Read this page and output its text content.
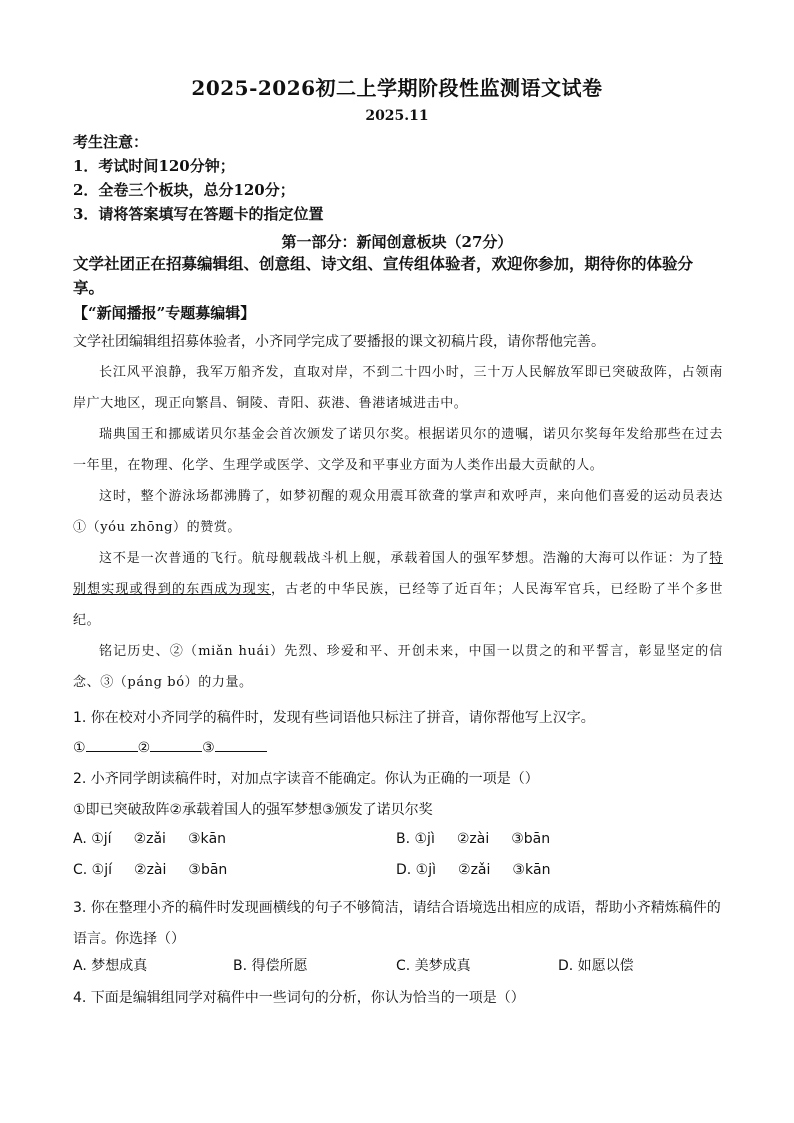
2025-2026初二上学期阶段性监测语文试卷
2025.11
考生注意：
1．考试时间120分钟；
2．全卷三个板块，总分120分；
3．请将答案填写在答题卡的指定位置
第一部分：新闻创意板块（27分）
文学社团正在招募编辑组、创意组、诗文组、宣传组体验者，欢迎你参加，期待你的体验分享。
【“新闻播报”专题募编辑】
文学社团编辑组招募体验者，小齐同学完成了要播报的课文初稿片段，请你帮他完善。

长江风平浪静，我军万船齐发，直取对岸，不到二十四小时，三十万人民解放军即已突破敌阵，占领南岸广大地区，现正向繁昌、铜陵、青阳、荻港、鲁港诸城进击中。

瑞典国王和挪威诺贝尔基金会首次颁发了诺贝尔奖。根据诺贝尔的遗嘱，诺贝尔奖每年发给那些在过去一年里，在物理、化学、生理学或医学、文学及和平事业方面为人类作出最大贡献的人。

这时，整个游泳场都沸腾了，如梦初醒的观众用震耳欲聋的掌声和欢呼声，来向他们喜爱的运动员表达①（yóu zhōng）的赞赏。

这不是一次普通的飞行。航母舰载战斗机上舰，承载着国人的强军梦想。浩瀚的大海可以作证：为了特别想实现或得到的东西成为现实，古老的中华民族，已经等了近百年；人民海军官兵，已经盼了半个多世纪。

铭记历史、②（miǎn huái）先烈、珍爱和平、开创未来，中国一以贯之的和平誓言，彰显坚定的信念、③（páng bó）的力量。

1. 你在校对小齐同学的稿件时，发现有些词语他只标注了拼音，请你帮他写上汉字。
①	②	③
2. 小齐同学朗读稿件时，对加点字读音不能确定。你认为正确的一项是（）
①即已突破敌阵②承载着国人的强军梦想③颁发了诺贝尔奖
A. ①jí ②zǎi ③kān	B. ①jì ②zài ③bān
C. ①jí ②zài ③bān	D. ①jì ②zǎi ③kān
3. 你在整理小齐的稿件时发现画横线的句子不够简洁，请结合语境选出相应的成语，帮助小齐精炼稿件的语言。你选择（）
A. 梦想成真	B. 得偿所愿	C. 美梦成真	D. 如愿以偿
4. 下面是编辑组同学对稿件中一些词句的分析，你认为恰当的一项是（）
